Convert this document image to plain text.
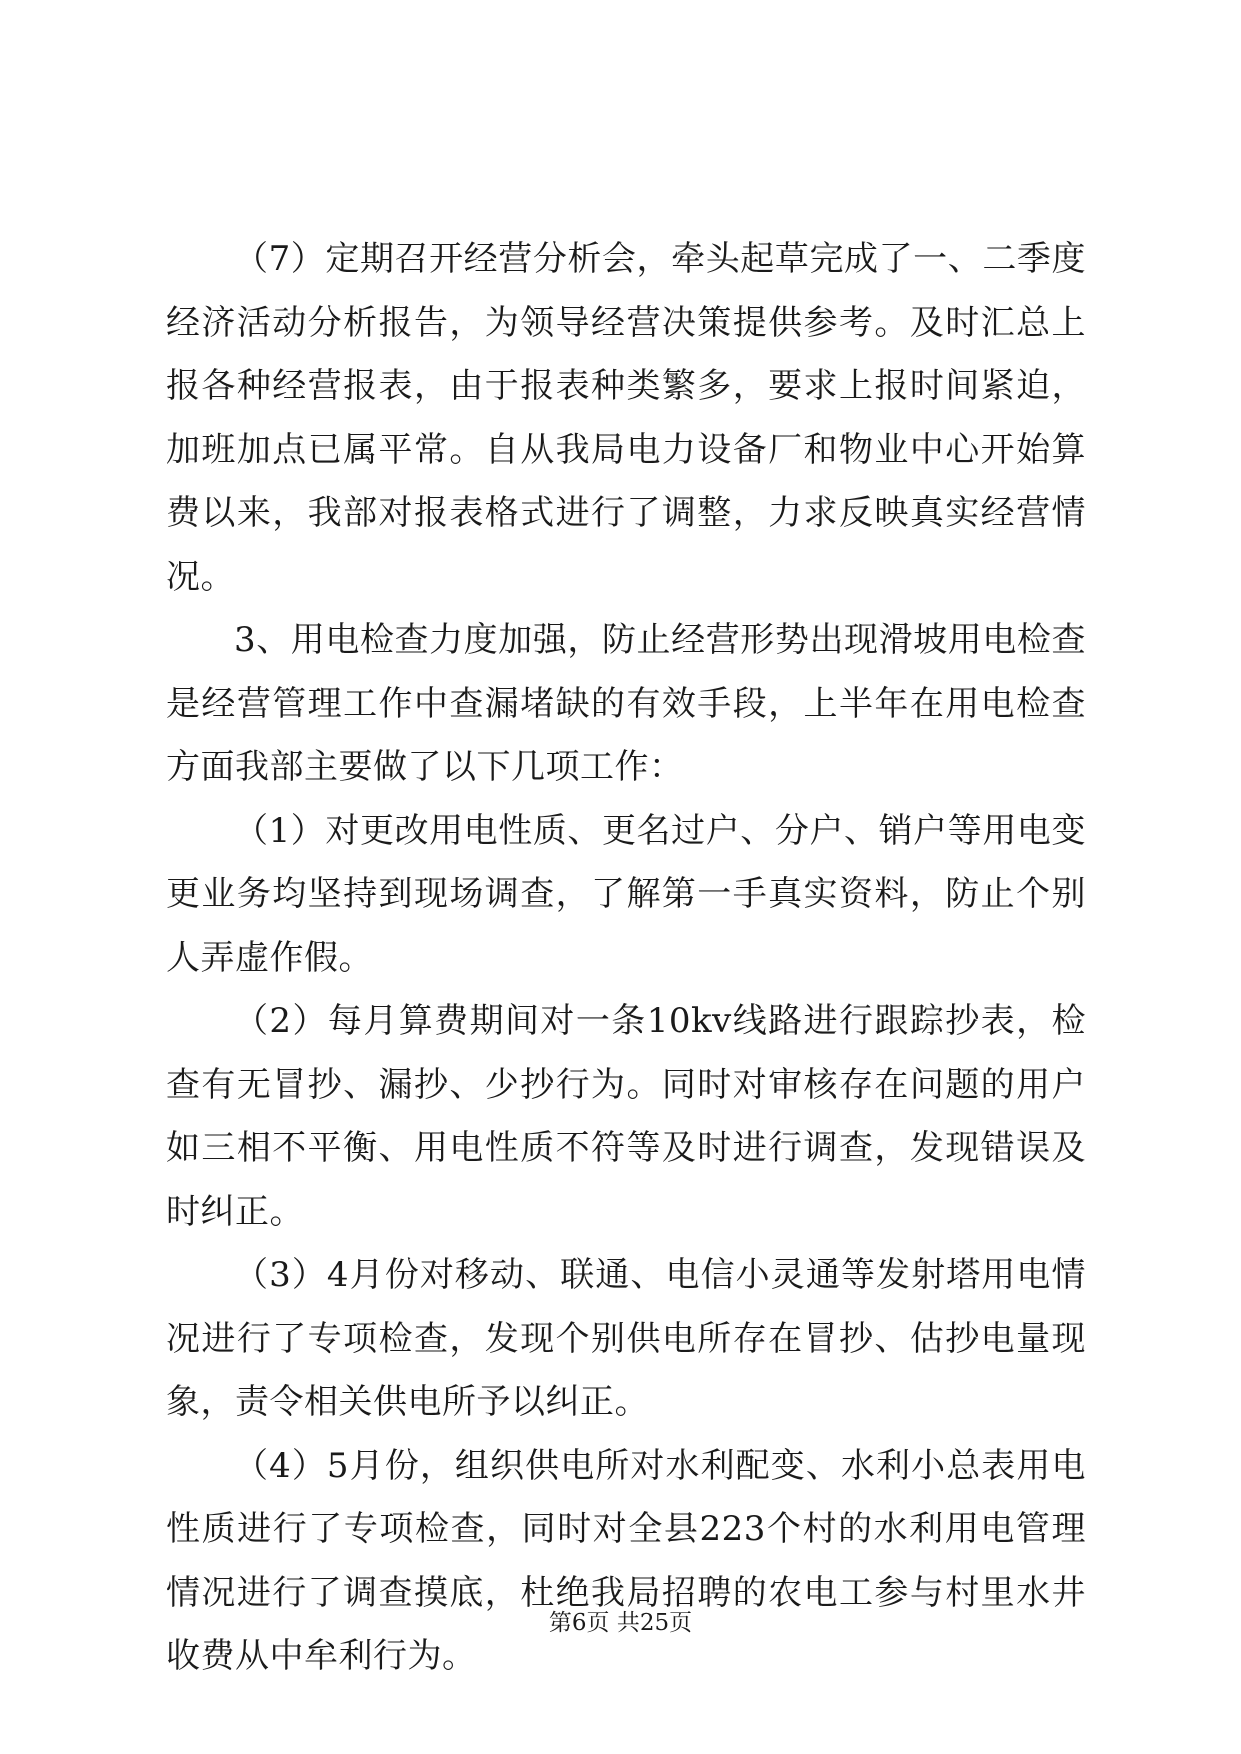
（7）定期召开经营分析会，牵头起草完成了一、二季度经济活动分析报告，为领导经营决策提供参考。及时汇总上报各种经营报表，由于报表种类繁多，要求上报时间紧迫，加班加点已属平常。自从我局电力设备厂和物业中心开始算费以来，我部对报表格式进行了调整，力求反映真实经营情况。

3、用电检查力度加强，防止经营形势出现滑坡用电检查是经营管理工作中查漏堵缺的有效手段，上半年在用电检查方面我部主要做了以下几项工作：

（1）对更改用电性质、更名过户、分户、销户等用电变更业务均坚持到现场调查，了解第一手真实资料，防止个别人弄虚作假。

（2）每月算费期间对一条10kv线路进行跟踪抄表，检查有无冒抄、漏抄、少抄行为。同时对审核存在问题的用户如三相不平衡、用电性质不符等及时进行调查，发现错误及时纠正。

（3）4月份对移动、联通、电信小灵通等发射塔用电情况进行了专项检查，发现个别供电所存在冒抄、估抄电量现象，责令相关供电所予以纠正。

（4）5月份，组织供电所对水利配变、水利小总表用电性质进行了专项检查，同时对全县223个村的水利用电管理情况进行了调查摸底，杜绝我局招聘的农电工参与村里水井收费从中牟利行为。

第6页 共25页
